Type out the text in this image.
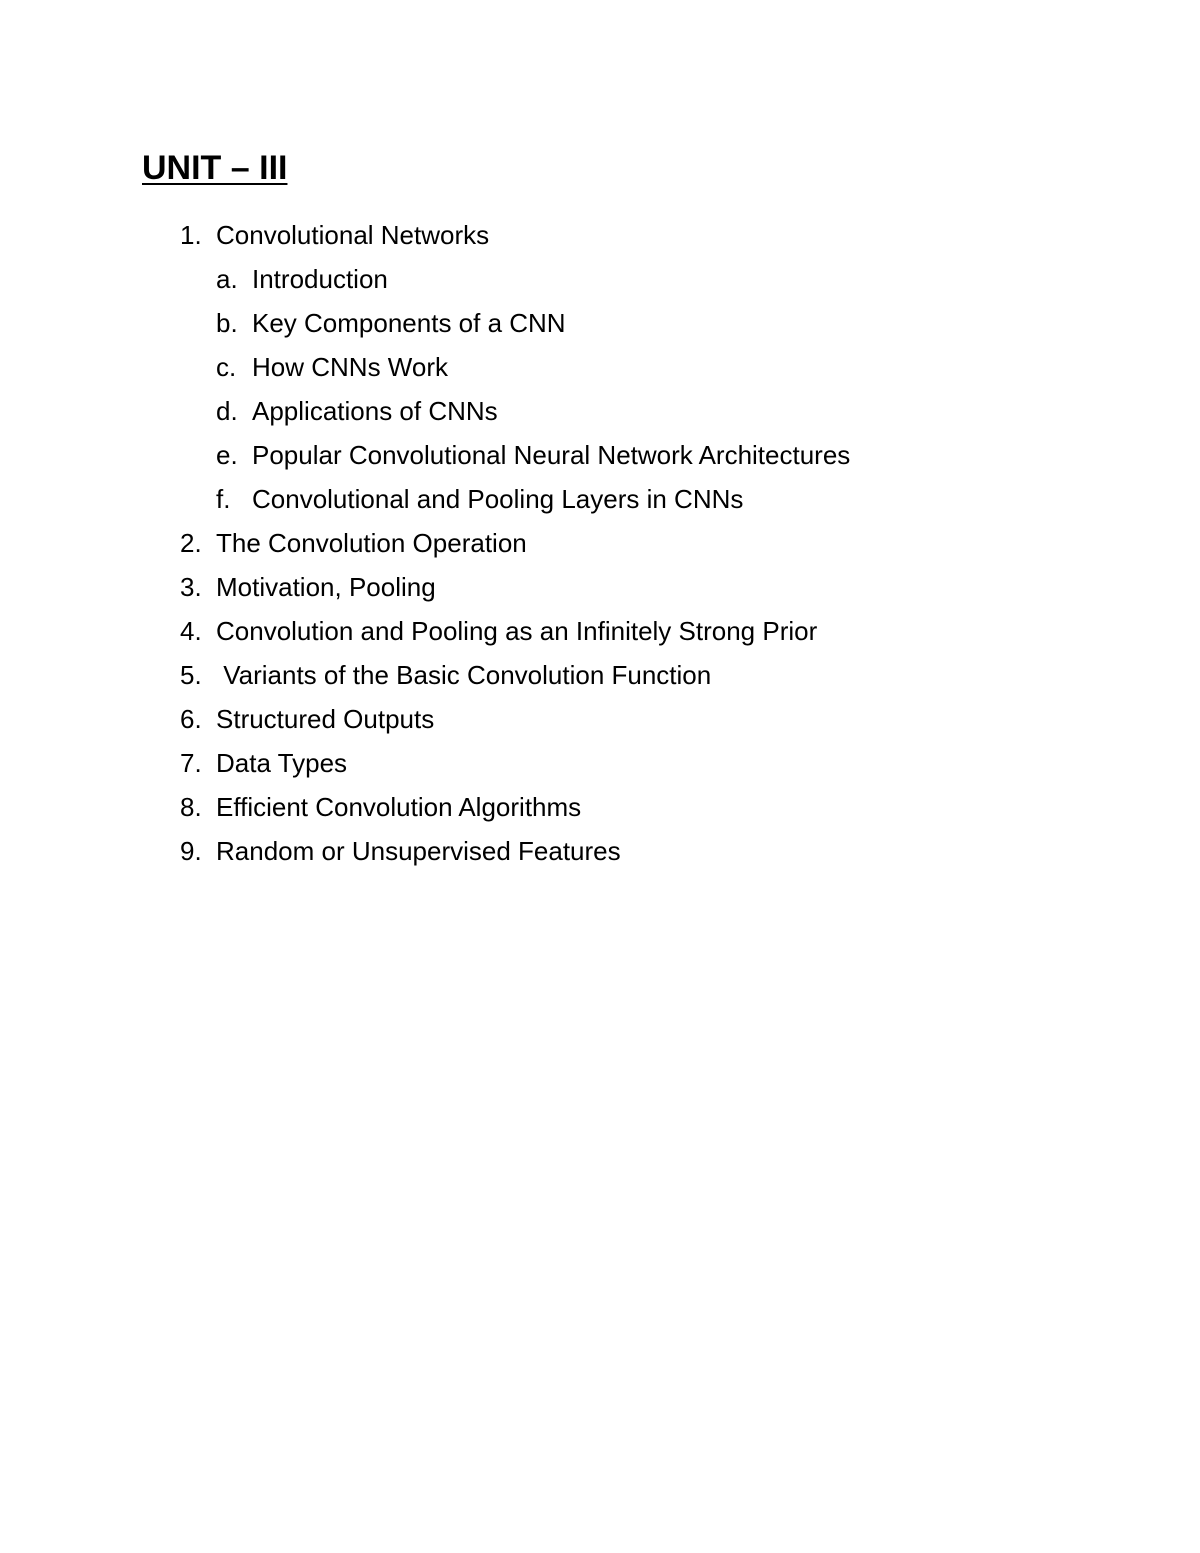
UNIT – III
1. Convolutional Networks
a. Introduction
b. Key Components of a CNN
c. How CNNs Work
d. Applications of CNNs
e. Popular Convolutional Neural Network Architectures
f. Convolutional and Pooling Layers in CNNs
2. The Convolution Operation
3. Motivation, Pooling
4. Convolution and Pooling as an Infinitely Strong Prior
5. Variants of the Basic Convolution Function
6. Structured Outputs
7. Data Types
8. Efficient Convolution Algorithms
9. Random or Unsupervised Features
